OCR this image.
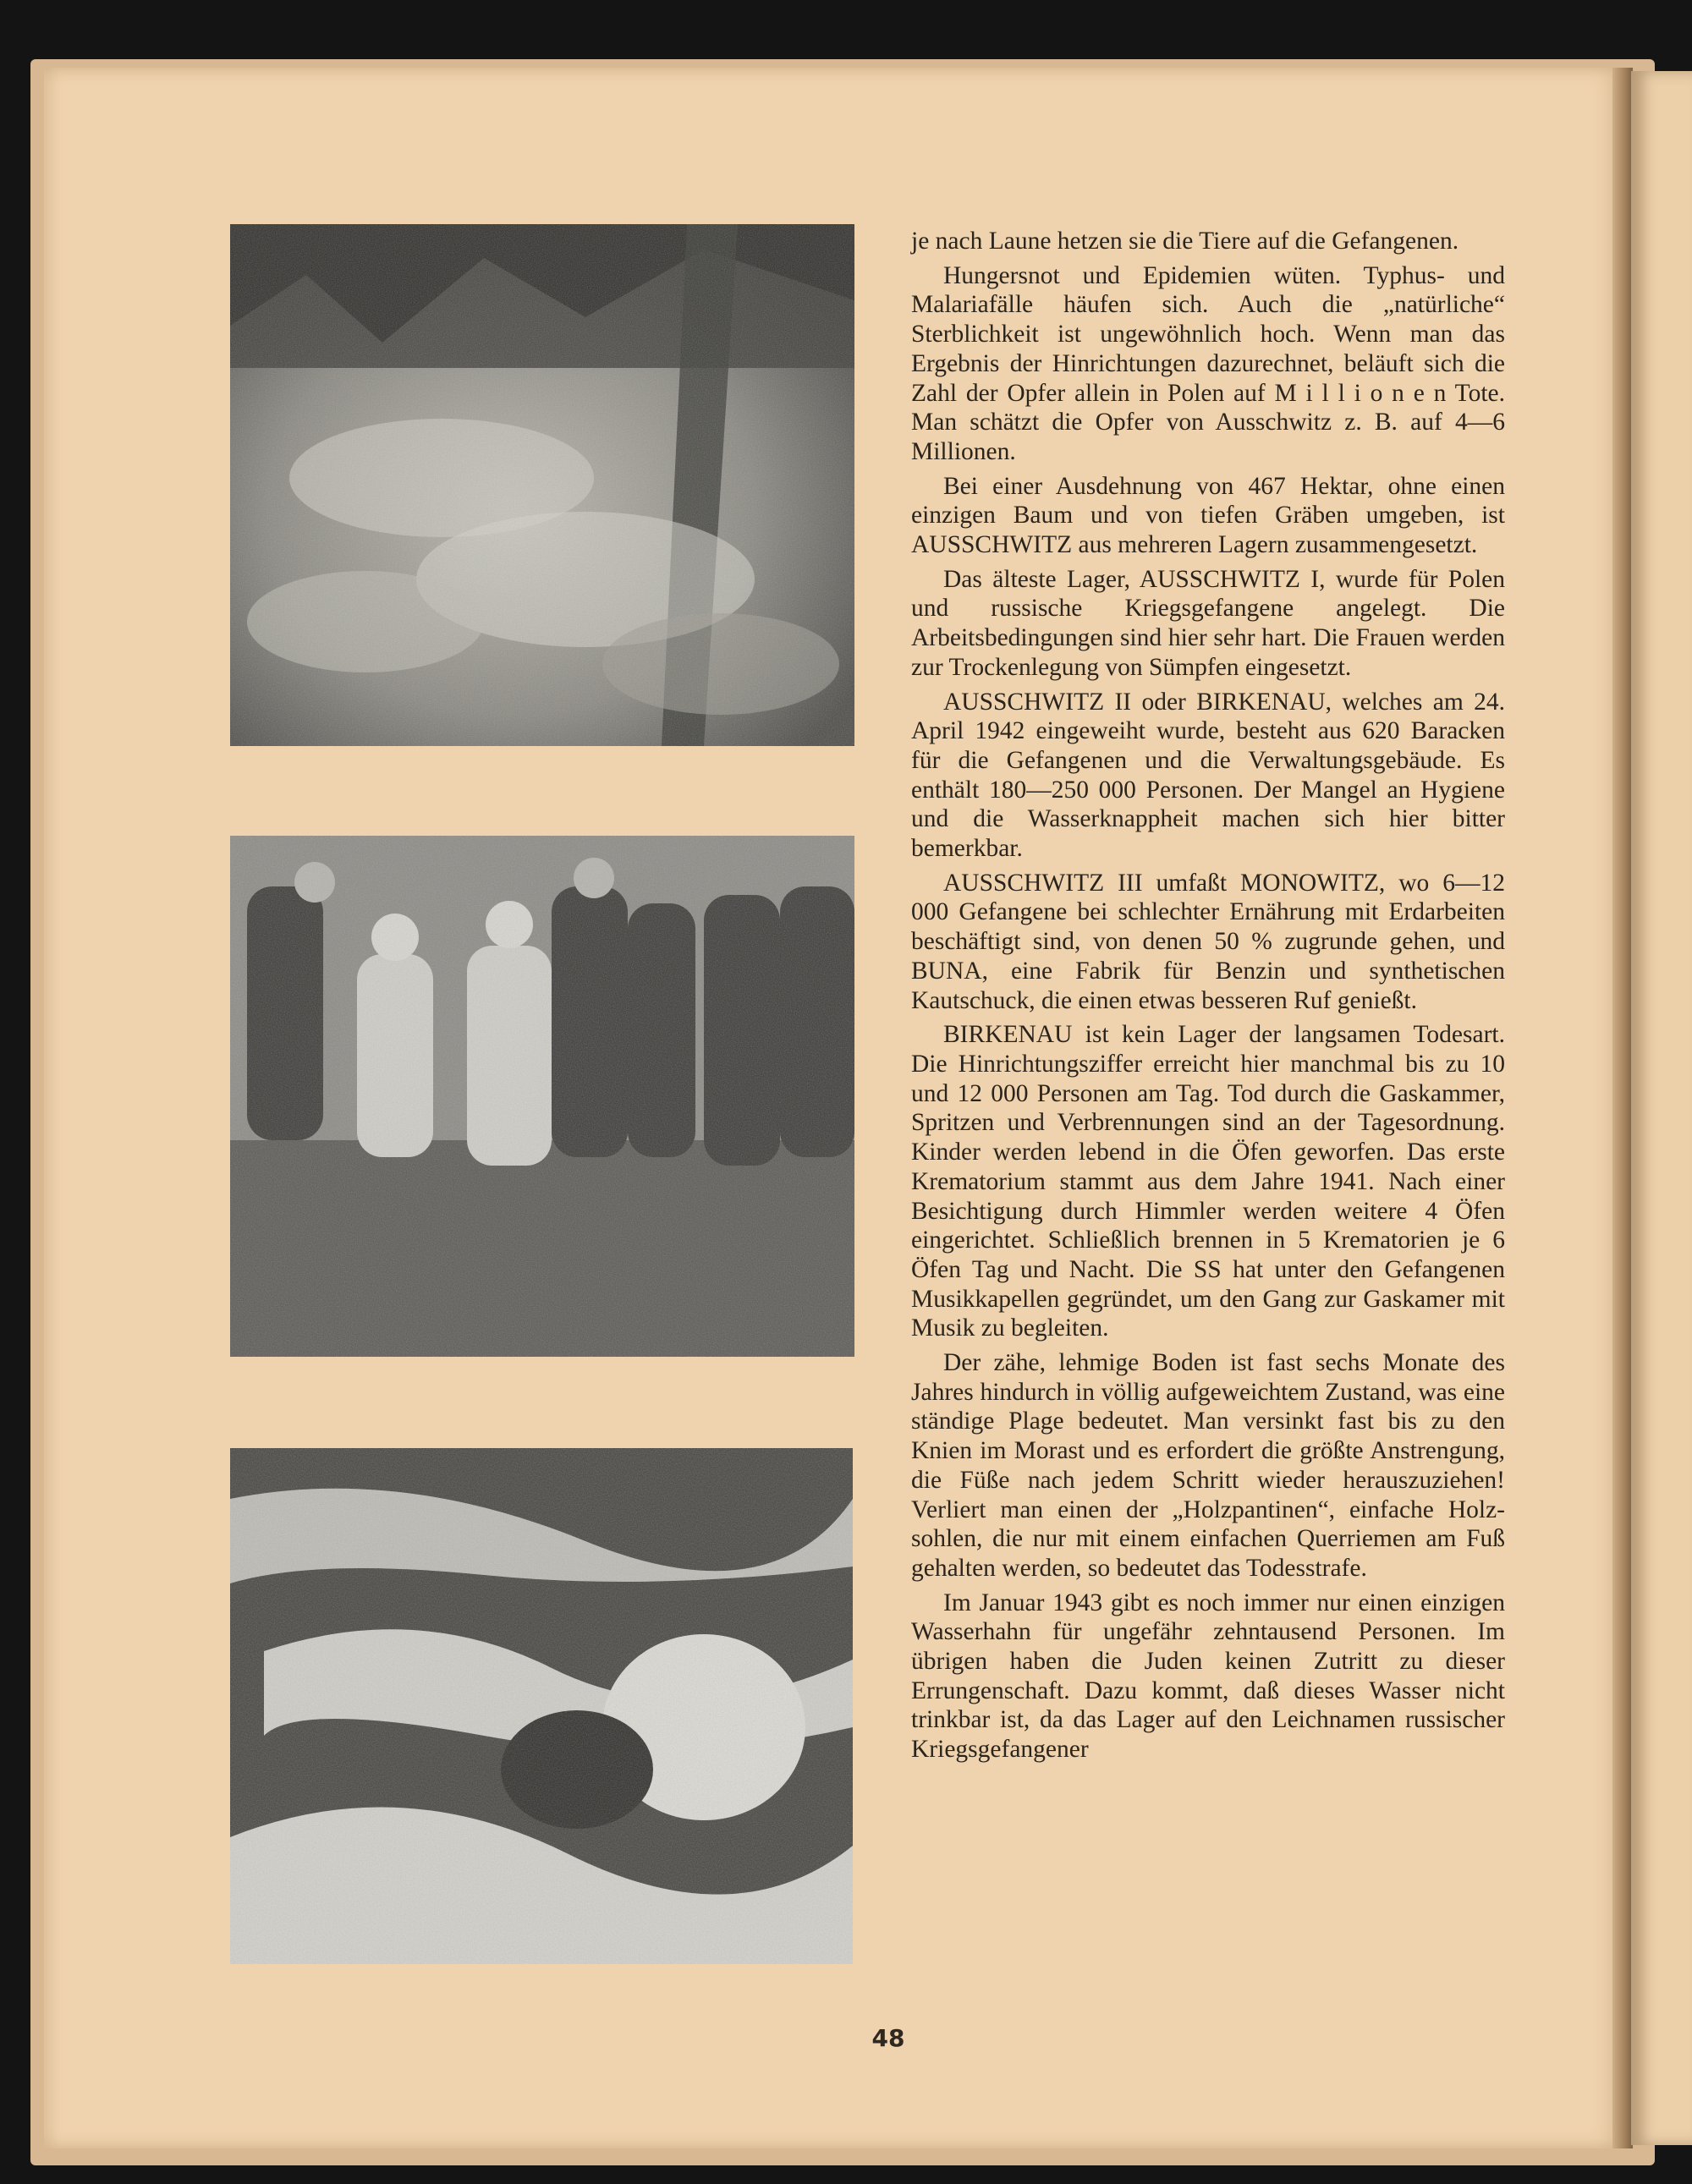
je nach Laune hetzen sie die Tiere auf die Gefangenen.

Hungersnot und Epidemien wüten. Typhus- und Malariafälle häufen sich. Auch die „natürliche“ Sterblichkeit ist ungewöhnlich hoch. Wenn man das Ergebnis der Hinrichtungen dazurechnet, beläuft sich die Zahl der Opfer allein in Polen auf M i l l i o n e n Tote. Man schätzt die Opfer von Ausschwitz z. B. auf 4—6 Millionen.

Bei einer Ausdehnung von 467 Hektar, ohne einen einzigen Baum und von tiefen Gräben umgeben, ist AUSSCHWITZ aus mehreren Lagern zusammengesetzt.

Das älteste Lager, AUSSCHWITZ I, wurde für Polen und russische Kriegsgefangene angelegt. Die Arbeitsbedingungen sind hier sehr hart. Die Frauen werden zur Trockenlegung von Sümpfen eingesetzt.

AUSSCHWITZ II oder BIRKENAU, welches am 24. April 1942 eingeweiht wurde, besteht aus 620 Baracken für die Gefangenen und die Verwaltungsgebäude. Es enthält 180—250 000 Personen. Der Mangel an Hygiene und die Wasserknappheit machen sich hier bitter bemerkbar.

AUSSCHWITZ III umfaßt MONOWITZ, wo 6—12 000 Gefangene bei schlechter Ernährung mit Erdarbeiten beschäftigt sind, von denen 50 % zugrunde gehen, und BUNA, eine Fabrik für Benzin und synthetischen Kautschuck, die einen etwas besseren Ruf genießt.

BIRKENAU ist kein Lager der langsamen Todesart. Die Hinrichtungsziffer erreicht hier manchmal bis zu 10 und 12 000 Personen am Tag. Tod durch die Gaskammer, Spritzen und Verbrennungen sind an der Tagesordnung. Kinder werden lebend in die Öfen geworfen. Das erste Krematorium stammt aus dem Jahre 1941. Nach einer Besichtigung durch Himmler werden weitere 4 Öfen eingerichtet. Schließlich brennen in 5 Krematorien je 6 Öfen Tag und Nacht. Die SS hat unter den Gefangenen Musikkapellen gegründet, um den Gang zur Gaskamer mit Musik zu begleiten.

Der zähe, lehmige Boden ist fast sechs Monate des Jahres hindurch in völlig aufgeweichtem Zustand, was eine ständige Plage bedeutet. Man versinkt fast bis zu den Knien im Morast und es erfordert die größte Anstrengung, die Füße nach jedem Schritt wieder herauszuziehen! Verliert man einen der „Holzpantinen“, einfache Holzsohlen, die nur mit einem einfachen Querriemen am Fuß gehalten werden, so bedeutet das Todesstrafe.

Im Januar 1943 gibt es noch immer nur einen einzigen Wasserhahn für ungefähr zehntausend Personen. Im übrigen haben die Juden keinen Zutritt zu dieser Errungenschaft. Dazu kommt, daß dieses Wasser nicht trinkbar ist, da das Lager auf den Leichnamen russischer Kriegsgefangener

48
